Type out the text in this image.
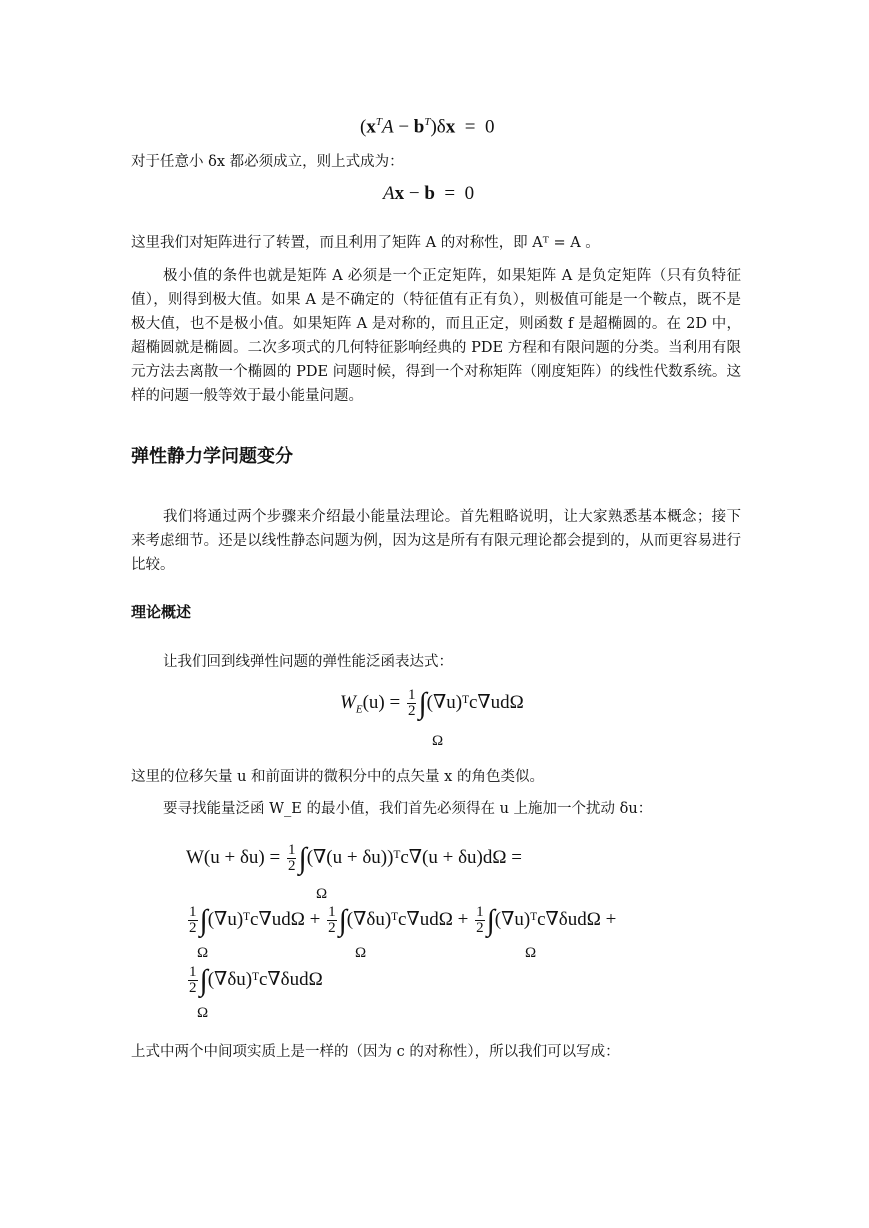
$(x^TA - b^T)\delta x = 0$
对于任意小 δx 都必须成立，则上式成为：
Ax − b  =  0
这里我们对矩阵进行了转置，而且利用了矩阵 A 的对称性，即 Aᵀ = A 。
极小值的条件也就是矩阵 A 必须是一个正定矩阵，如果矩阵 A 是负定矩阵（只有负特征值），则得到极大值。如果 A 是不确定的（特征值有正有负），则极值可能是一个鞍点，既不是极大值，也不是极小值。如果矩阵 A 是对称的，而且正定，则函数 f 是超椭圆的。在 2D 中，超椭圆就是椭圆。二次多项式的几何特征影响经典的 PDE 方程和有限问题的分类。当利用有限元方法去离散一个椭圆的 PDE 问题时候，得到一个对称矩阵（刚度矩阵）的线性代数系统。这样的问题一般等效于最小能量问题。
弹性静力学问题变分
我们将通过两个步骤来介绍最小能量法理论。首先粗略说明，让大家熟悉基本概念；接下来考虑细节。还是以线性静态问题为例，因为这是所有有限元理论都会提到的，从而更容易进行比较。
理论概述
让我们回到线弹性问题的弹性能泛函表达式：
$W_E(u) = \frac{1}{2}$ ∫(∇u)ᵀc∇udΩ
Ω
这里的位移矢量 u 和前面讲的微积分中的点矢量 x 的角色类似。
要寻找能量泛函 W_E 的最小值，我们首先必须得在 u 上施加一个扰动 δu：
$W(u + \delta u) = \frac{1}{2} \int(\nabla(u$ + δu))ᵀc∇(u + δu)dΩ =
Ω
$\frac{1}{2}$ ∫(∇u)ᵀc∇udΩ + $\frac{1}{2}$ ∫(∇δu)ᵀc∇udΩ + $\frac{1}{2}$ ∫(∇u)ᵀc∇δudΩ +
Ω	Ω	Ω
$\frac{1}{2}$ ∫(∇δu)ᵀc∇δudΩ
Ω
上式中两个中间项实质上是一样的（因为 c 的对称性），所以我们可以写成：
